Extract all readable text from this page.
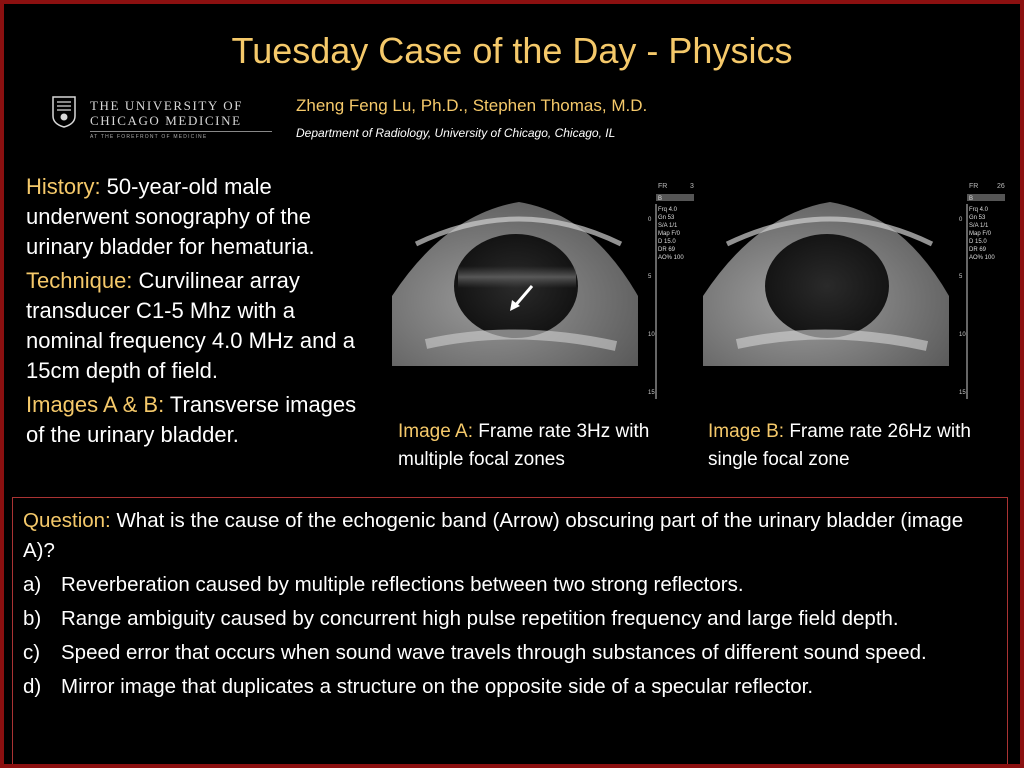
Tuesday Case of the Day - Physics
THE UNIVERSITY OF
CHICAGO MEDICINE
AT THE FOREFRONT OF MEDICINE
Zheng Feng Lu, Ph.D., Stephen Thomas, M.D.
Department of Radiology, University of Chicago, Chicago, IL

History: 50-year-old male underwent sonography of the urinary bladder for hematuria.

Technique: Curvilinear array transducer C1-5 Mhz with a nominal frequency 4.0 MHz and a 15cm depth of field.

Images A & B: Transverse images of the urinary bladder.

FR	3
B
Frq 4.0
Gn 53
S/A 1/1
Map F/0
D 15.0
DR 69
AO% 100
0
5
10
15
FR	26
B
Frq 4.0
Gn 53
S/A 1/1
Map F/0
D 15.0
DR 69
AO% 100
0
5
10
15
Image A: Frame rate 3Hz with multiple focal zones
Image B: Frame rate 26Hz with single focal zone

Question: What is the cause of the echogenic band (Arrow) obscuring part of the urinary bladder (image A)?

a) Reverberation caused by multiple reflections between two strong reflectors.
b) Range ambiguity caused by concurrent high pulse repetition frequency and large field depth.
c)	Speed error that occurs when sound wave travels through substances of different sound speed.
d) Mirror image that duplicates a structure on the opposite side of a specular reflector.
